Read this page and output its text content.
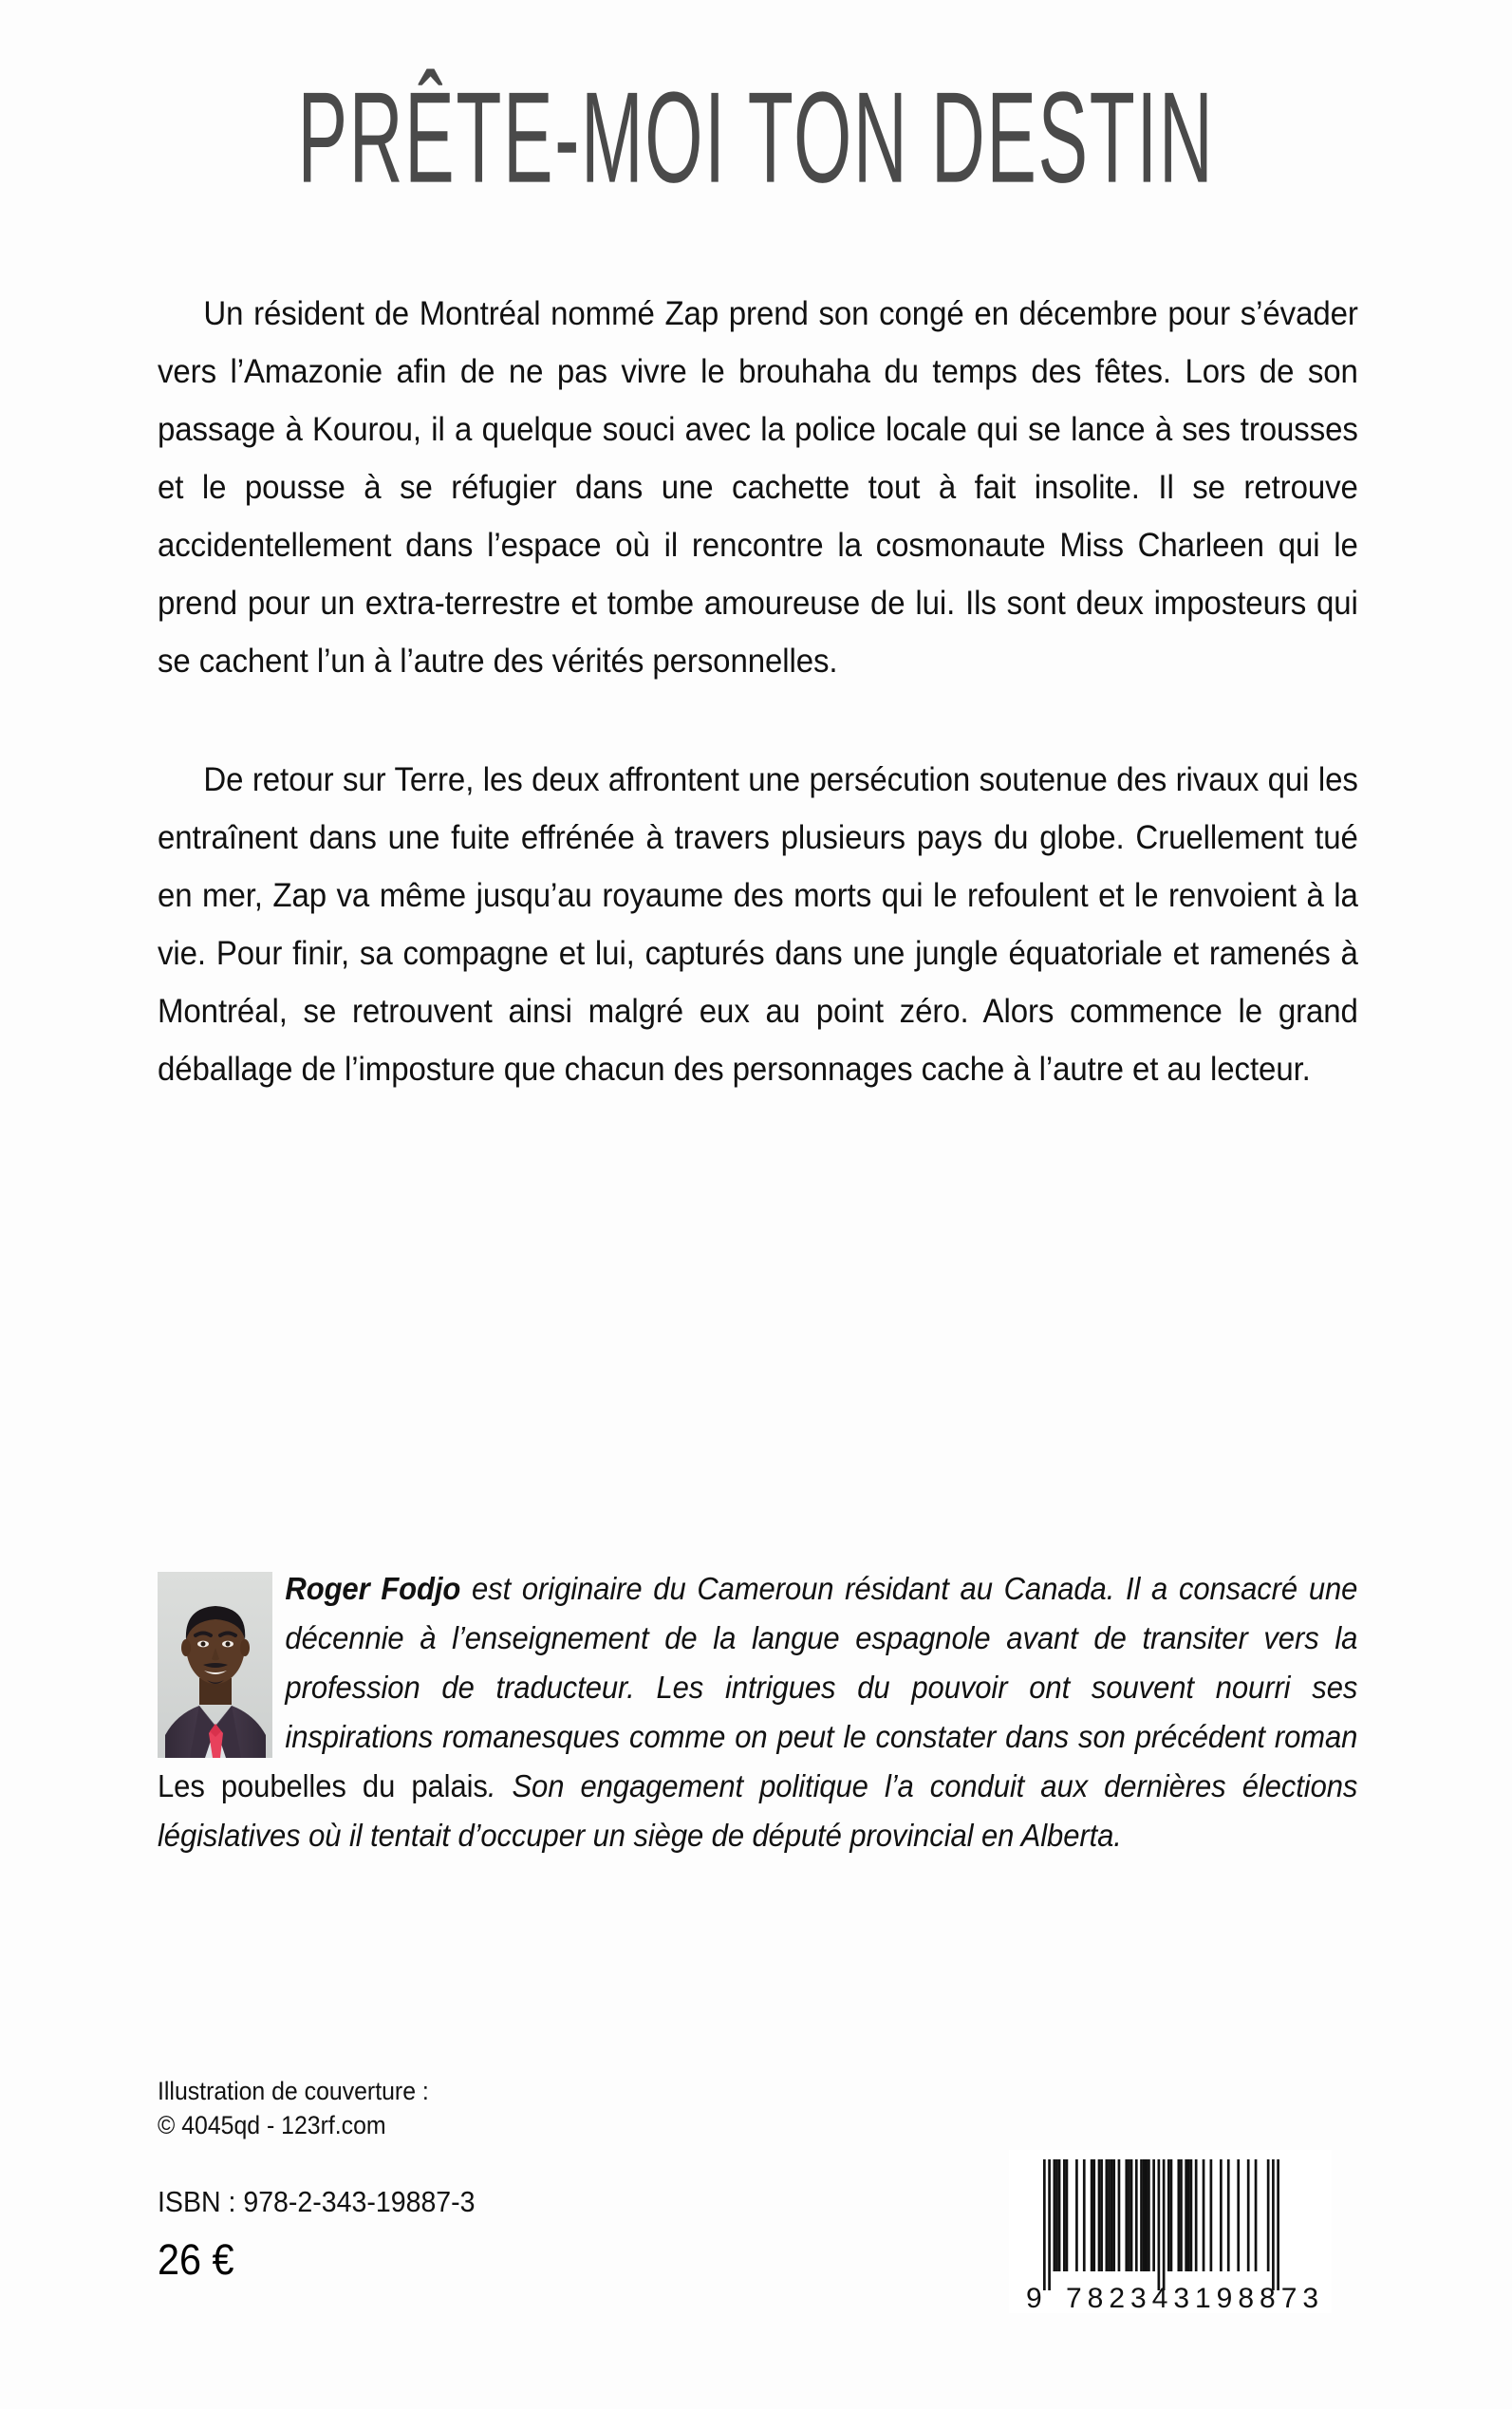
PRÊTE-MOI TON DESTIN

Un résident de Montréal nommé Zap prend son congé en décembre pour s’évader vers l’Amazonie afin de ne pas vivre le brouhaha du temps des fêtes. Lors de son passage à Kourou, il a quelque souci avec la police locale qui se lance à ses trousses et le pousse à se réfugier dans une cachette tout à fait insolite. Il se retrouve accidentellement dans l’espace où il rencontre la cosmonaute Miss Charleen qui le prend pour un extra-terrestre et tombe amoureuse de lui. Ils sont deux imposteurs qui se cachent l’un à l’autre des vérités personnelles.

De retour sur Terre, les deux affrontent une persécution soutenue des rivaux qui les entraînent dans une fuite effrénée à travers plusieurs pays du globe. Cruellement tué en mer, Zap va même jusqu’au royaume des morts qui le refoulent et le renvoient à la vie. Pour finir, sa compagne et lui, capturés dans une jungle équatoriale et ramenés à Montréal, se retrouvent ainsi malgré eux au point zéro. Alors commence le grand déballage de l’imposture que chacun des personnages cache à l’autre et au lecteur.

Roger Fodjo est originaire du Cameroun résidant au Canada. Il a consacré une décennie à l’enseignement de la langue espagnole avant de transiter vers la profession de traducteur. Les intrigues du pouvoir ont souvent nourri ses inspirations romanesques comme on peut le constater dans son précédent roman Les poubelles du palais. Son engagement politique l’a conduit aux dernières élections législatives où il tentait d’occuper un siège de député provincial en Alberta.
Illustration de couverture :
© 4045qd - 123rf.com
ISBN : 978-2-343-19887-3
26 €
9 782343 198873
